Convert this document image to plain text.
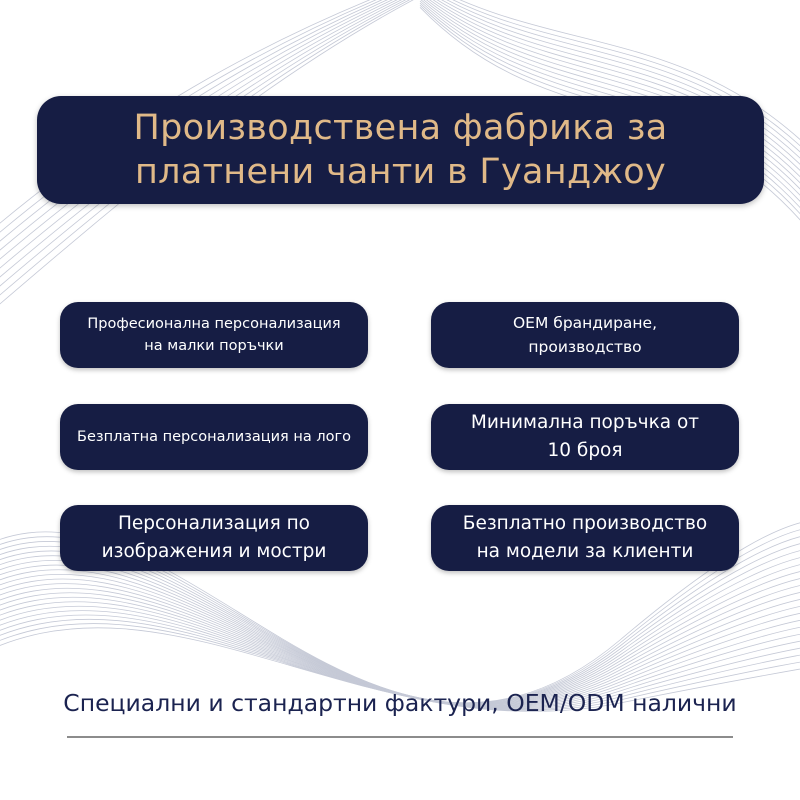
Производствена фабрика за
платнени чанти в Гуанджоу
Професионална персонализация
на малки поръчки
OEM брандиране,
производство
Безплатна персонализация на лого
Минимална поръчка от
10 броя
Персонализация по
изображения и мостри
Безплатно производство
на модели за клиенти
Специални и стандартни фактури, OEM/ODM налични
